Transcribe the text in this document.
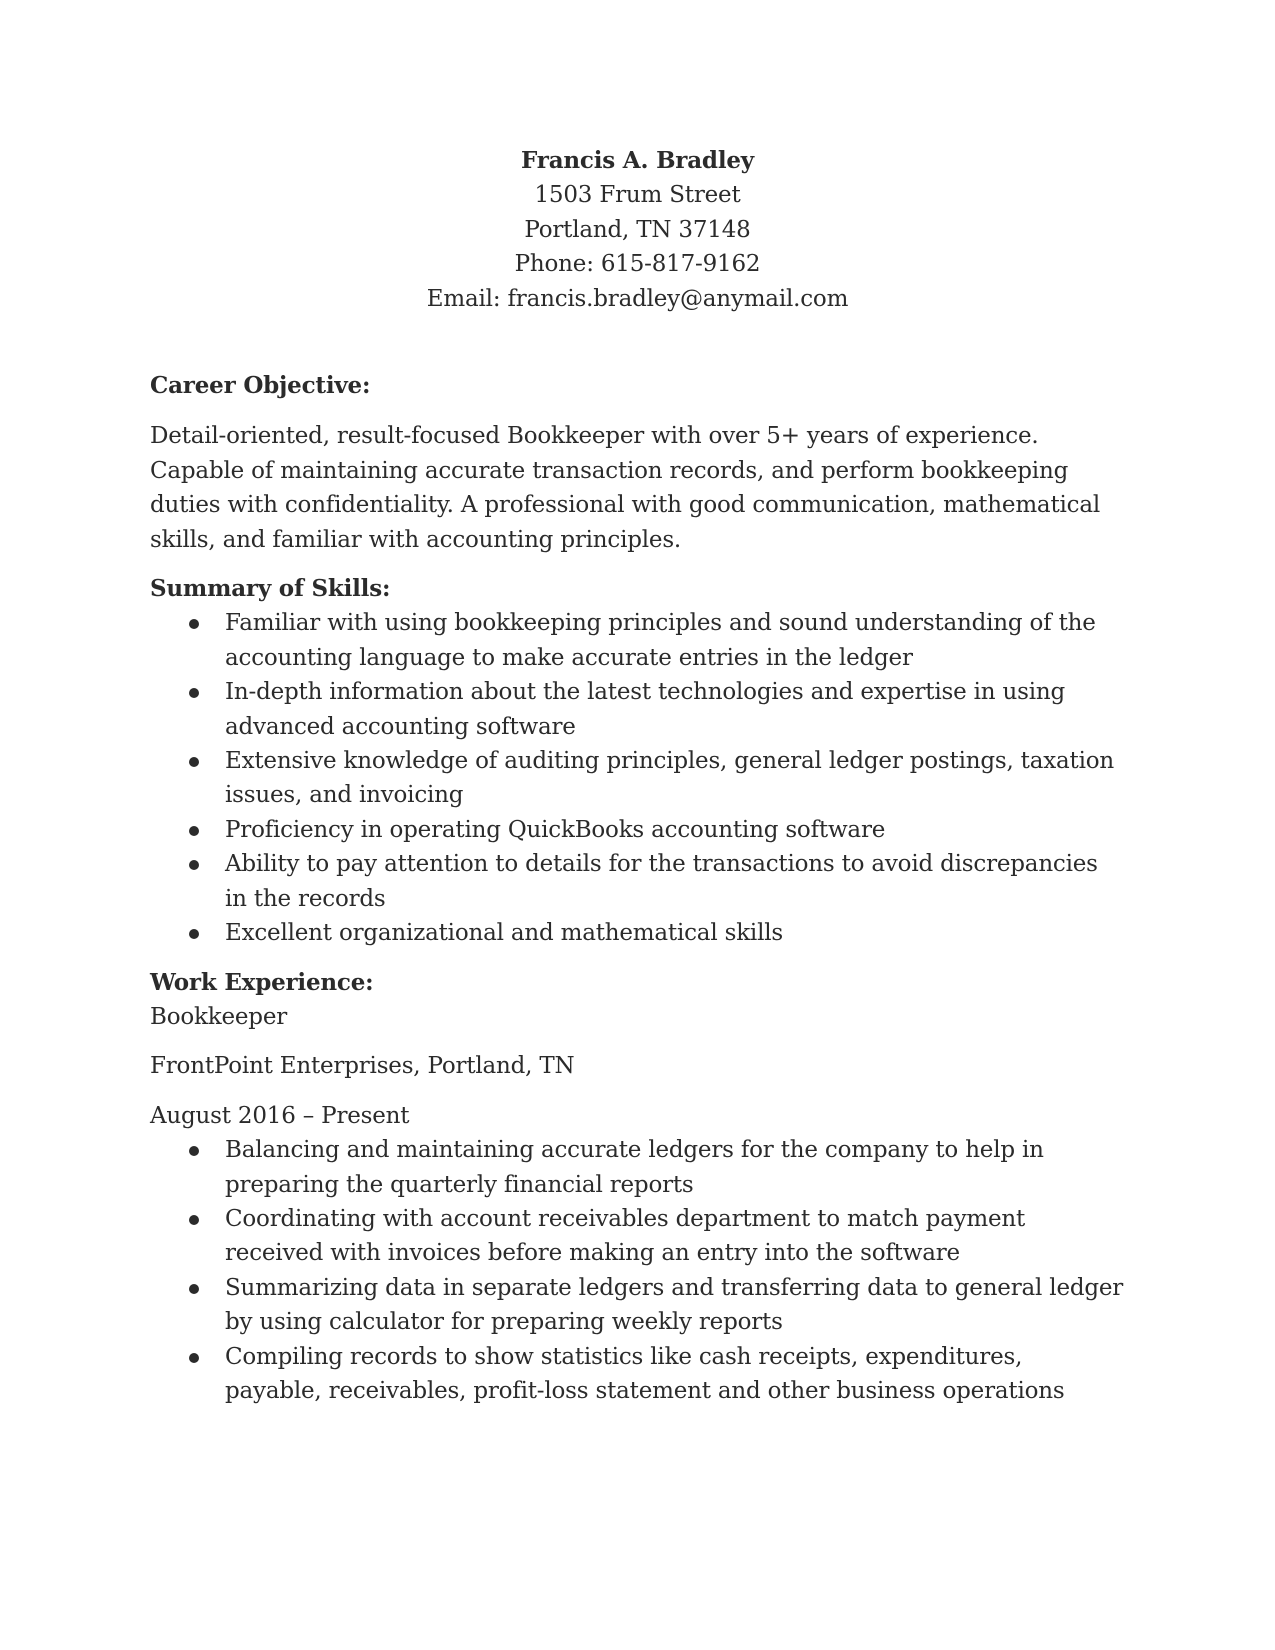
Francis A. Bradley
1503 Frum Street
Portland, TN 37148
Phone: 615-817-9162
Email: francis.bradley@anymail.com
Career Objective:
Detail-oriented, result-focused Bookkeeper with over 5+ years of experience. Capable of maintaining accurate transaction records, and perform bookkeeping duties with confidentiality. A professional with good communication, mathematical skills, and familiar with accounting principles.
Summary of Skills:
Familiar with using bookkeeping principles and sound understanding of the accounting language to make accurate entries in the ledger
In-depth information about the latest technologies and expertise in using advanced accounting software
Extensive knowledge of auditing principles, general ledger postings, taxation issues, and invoicing
Proficiency in operating QuickBooks accounting software
Ability to pay attention to details for the transactions to avoid discrepancies in the records
Excellent organizational and mathematical skills
Work Experience:
Bookkeeper
FrontPoint Enterprises, Portland, TN
August 2016 – Present
Balancing and maintaining accurate ledgers for the company to help in preparing the quarterly financial reports
Coordinating with account receivables department to match payment received with invoices before making an entry into the software
Summarizing data in separate ledgers and transferring data to general ledger by using calculator for preparing weekly reports
Compiling records to show statistics like cash receipts, expenditures, payable, receivables, profit-loss statement and other business operations
